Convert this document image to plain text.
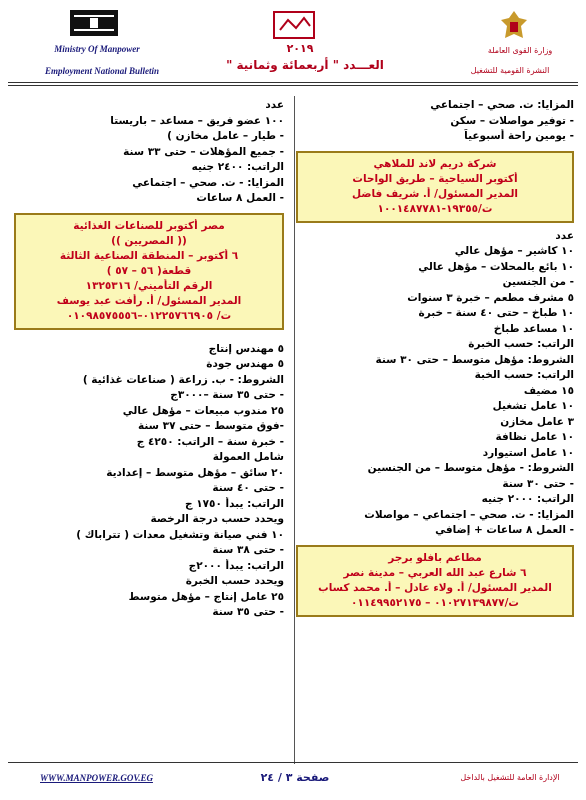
Ministry Of Manpower
Employment National Bulletin
٢٠١٩
العـــدد " أربعمائة وثمانية "
وزارة القوى العاملة
النشرة القومية للتشغيل
المزايا: ت. صحي – اجتماعي
- توفير مواصلات – سكن
- يومين راحة أسبوعياً
شركة دريم لاند للملاهي
أكتوبر السياحية – طريق الواحات
المدير المسئول/ أ. شريف فاضل
ت/١٩٣٥٥-١٠٠١٤٨٧٧٨١
عدد
١٠ كاشير – مؤهل عالي
١٠ بائع بالمحلات – مؤهل عالي
- من الجنسين
٥ مشرف مطعم – خبرة ٣ سنوات
١٠ طباخ – حتى ٤٠ سنة – خبرة
١٠ مساعد طباخ
الراتب: حسب الخبرة
الشروط: مؤهل متوسط – حتى ٣٠ سنة
الراتب: حسب الخبة
١٥ مضيف
١٠ عامل تشغيل
٣ عامل مخازن
١٠ عامل نظافة
١٠ عامل استيوارد
الشروط: - مؤهل متوسط – من الجنسين
- حتى ٣٠ سنة
الراتب: ٢٠٠٠ جنيه
المزايا: - ت. صحي – اجتماعي – مواصلات
- العمل ٨ ساعات + إضافي
مطاعم بافلو برجر
٦ شارع عبد الله العربي – مدينة نصر
المدير المسئول/ أ. ولاء عادل – أ. محمد كساب
ت/٠١٠٢٧١٣٩٨٧٧ – ٠١١٤٩٩٥٢١٧٥
عدد
١٠٠ عضو فريق – مساعد – باريستا
- طيار – عامل مخازن )
- جميع المؤهلات – حتى ٣٣ سنة
الراتب: ٢٤٠٠ جنيه
المزايا: - ت. صحي – اجتماعي
- العمل ٨ ساعات
مصر أكتوبر للصناعات الغذائية
(( المصريين ))
٦ أكتوبر – المنطقة الصناعية الثالثة
قطعة( ٥٦ – ٥٧ )
الرقم التأميني/ ١٣٢٥٣١٦
المدير المسئول/ أ. رأفت عبد يوسف
ت/ ٠١٢٢٥٧٦٦٩٠٥–٠١٠٩٨٥٧٥٥٥٦
٥ مهندس إنتاج
٥ مهندس جودة
الشروط: - ب. زراعة ( صناعات غذائية )
- حتى ٣٥ سنة –٣٠٠٠ج
٢٥ مندوب مبيعات – مؤهل عالي
-فوق متوسط – حتى ٣٧ سنة
- خبرة سنة – الراتب: ٤٢٥٠ ج
شامل العمولة
٢٠ سائق – مؤهل متوسط – إعدادية
- حتى ٤٠ سنة
الراتب: يبدأ ١٧٥٠ ج
ويحدد حسب درجة الرخصة
١٠ فني صيانة وتشغيل معدات ( تتراباك )
- حتى ٣٨ سنة
الراتب: يبدأ ٢٠٠٠ج
ويحدد حسب الخبرة
٢٥ عامل إنتاج – مؤهل متوسط
- حتى ٣٥ سنة
WWW.MANPOWER.GOV.EG	صفحة ٣ / ٢٤	الإدارة العامة للتشغيل بالداخل
